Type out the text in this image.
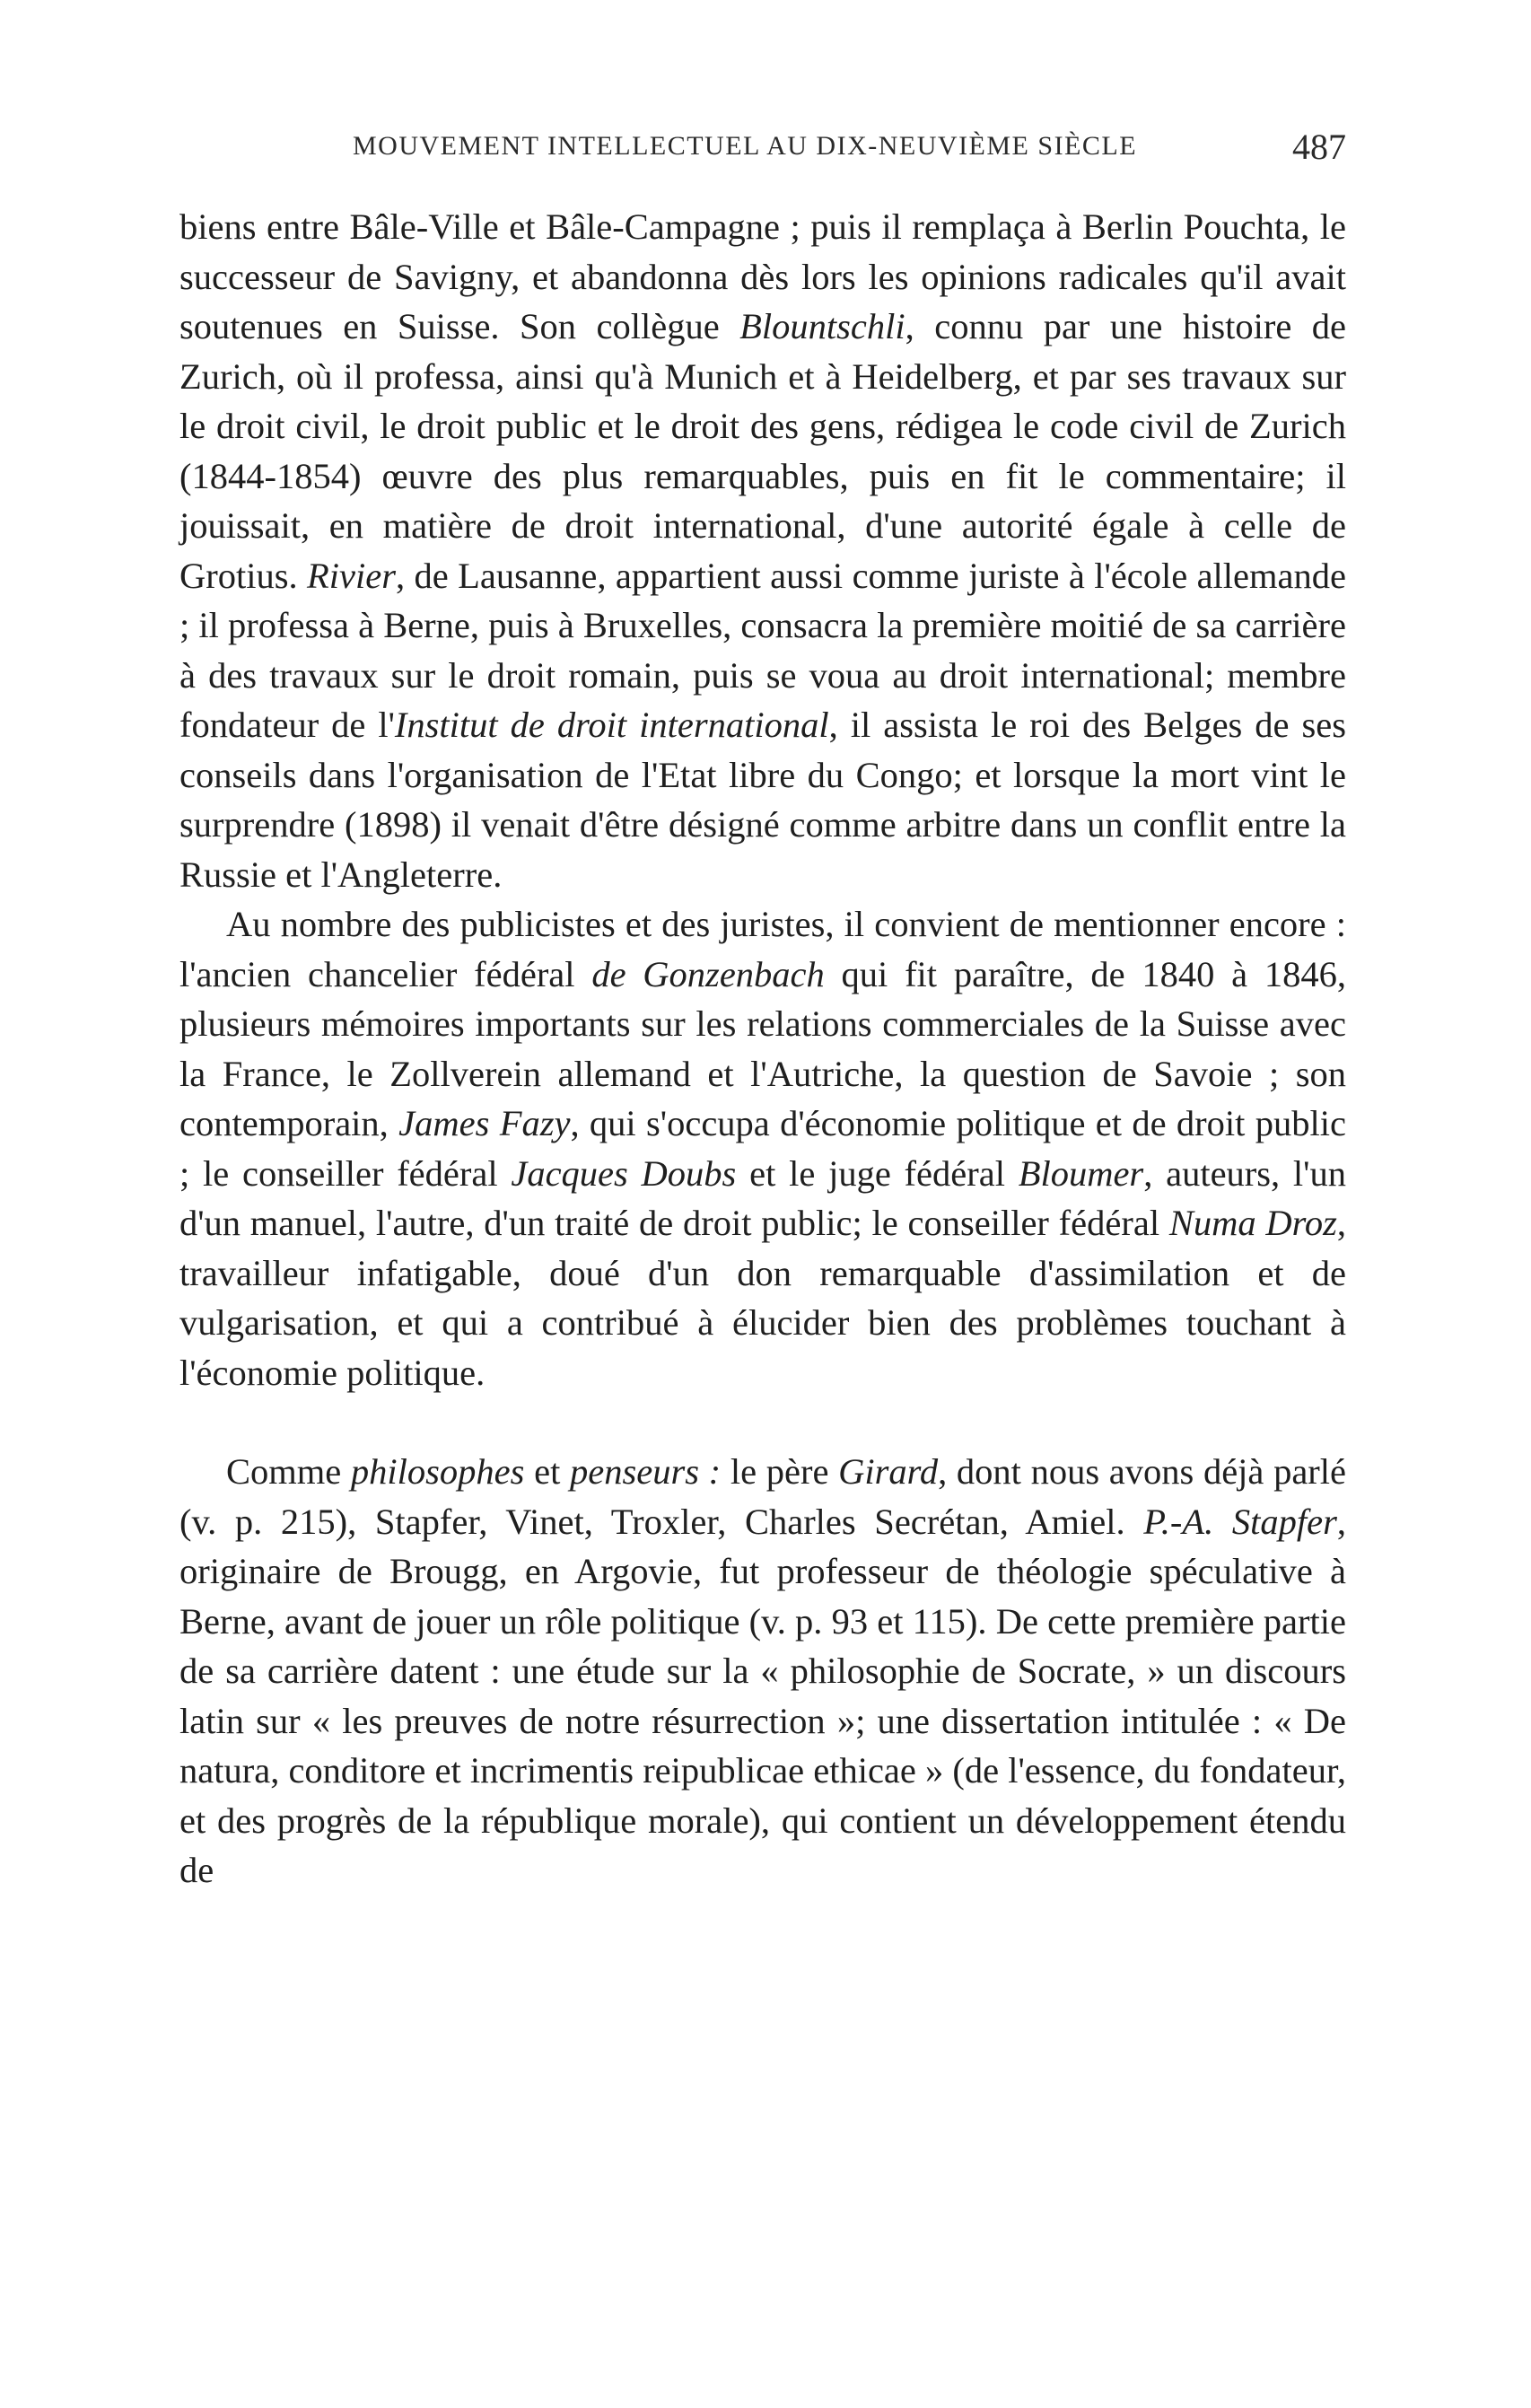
MOUVEMENT INTELLECTUEL AU DIX-NEUVIÈME SIÈCLE	487

biens entre Bâle-Ville et Bâle-Campagne ; puis il remplaça à Berlin Pouchta, le successeur de Savigny, et abandonna dès lors les opinions radicales qu'il avait soutenues en Suisse. Son collègue Blountschli, connu par une histoire de Zurich, où il professa, ainsi qu'à Munich et à Heidelberg, et par ses travaux sur le droit civil, le droit public et le droit des gens, rédigea le code civil de Zurich (1844-1854) œuvre des plus remarquables, puis en fit le commentaire; il jouissait, en matière de droit international, d'une autorité égale à celle de Grotius. Rivier, de Lausanne, appartient aussi comme juriste à l'école allemande ; il professa à Berne, puis à Bruxelles, consacra la première moitié de sa carrière à des travaux sur le droit romain, puis se voua au droit international; membre fondateur de l'Institut de droit international, il assista le roi des Belges de ses conseils dans l'organisation de l'Etat libre du Congo; et lorsque la mort vint le surprendre (1898) il venait d'être désigné comme arbitre dans un conflit entre la Russie et l'Angleterre.

Au nombre des publicistes et des juristes, il convient de mentionner encore : l'ancien chancelier fédéral de Gonzenbach qui fit paraître, de 1840 à 1846, plusieurs mémoires importants sur les relations commerciales de la Suisse avec la France, le Zollverein allemand et l'Autriche, la question de Savoie ; son contemporain, James Fazy, qui s'occupa d'économie politique et de droit public ; le conseiller fédéral Jacques Doubs et le juge fédéral Bloumer, auteurs, l'un d'un manuel, l'autre, d'un traité de droit public; le conseiller fédéral Numa Droz, travailleur infatigable, doué d'un don remarquable d'assimilation et de vulgarisation, et qui a contribué à élucider bien des problèmes touchant à l'économie politique.

Comme philosophes et penseurs : le père Girard, dont nous avons déjà parlé (v. p. 215), Stapfer, Vinet, Troxler, Charles Secrétan, Amiel. P.-A. Stapfer, originaire de Brougg, en Argovie, fut professeur de théologie spéculative à Berne, avant de jouer un rôle politique (v. p. 93 et 115). De cette première partie de sa carrière datent : une étude sur la « philosophie de Socrate, » un discours latin sur « les preuves de notre résurrection »; une dissertation intitulée : « De natura, conditore et incrimentis reipublicae ethicae » (de l'essence, du fondateur, et des progrès de la république morale), qui contient un développement étendu de
